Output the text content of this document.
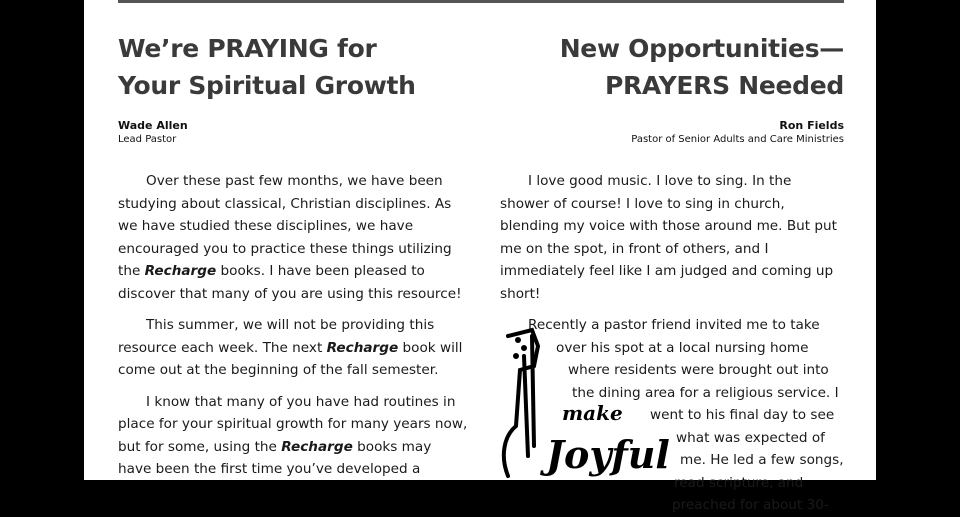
We’re PRAYING for
Your Spiritual Growth
Wade Allen
Lead Pastor

Over these past few months, we have been studying about classical, Christian disciplines. As we have studied these disciplines, we have encouraged you to practice these things utilizing the Recharge books. I have been pleased to discover that many of you are using this resource!

This summer, we will not be providing this resource each week. The next Recharge book will come out at the beginning of the fall semester.

I know that many of you have had routines in place for your spiritual growth for many years now, but for some, using the Recharge books may have been the first time you’ve developed a

New Opportunities—
PRAYERS Needed
Ron Fields
Pastor of Senior Adults and Care Ministries

I love good music. I love to sing. In the shower of course! I love to sing in church, blending my voice with those around me. But put me on the spot, in front of others, and I immediately feel like I am judged and coming up short!

Recently a pastor friend invited me to take

over his spot at a local nursing home

where residents were brought out into

the dining area for a religious service. I

went to his final day to see

what was expected of

me. He led a few songs,

read scripture, and

preached for about 30-

make
Joyful
